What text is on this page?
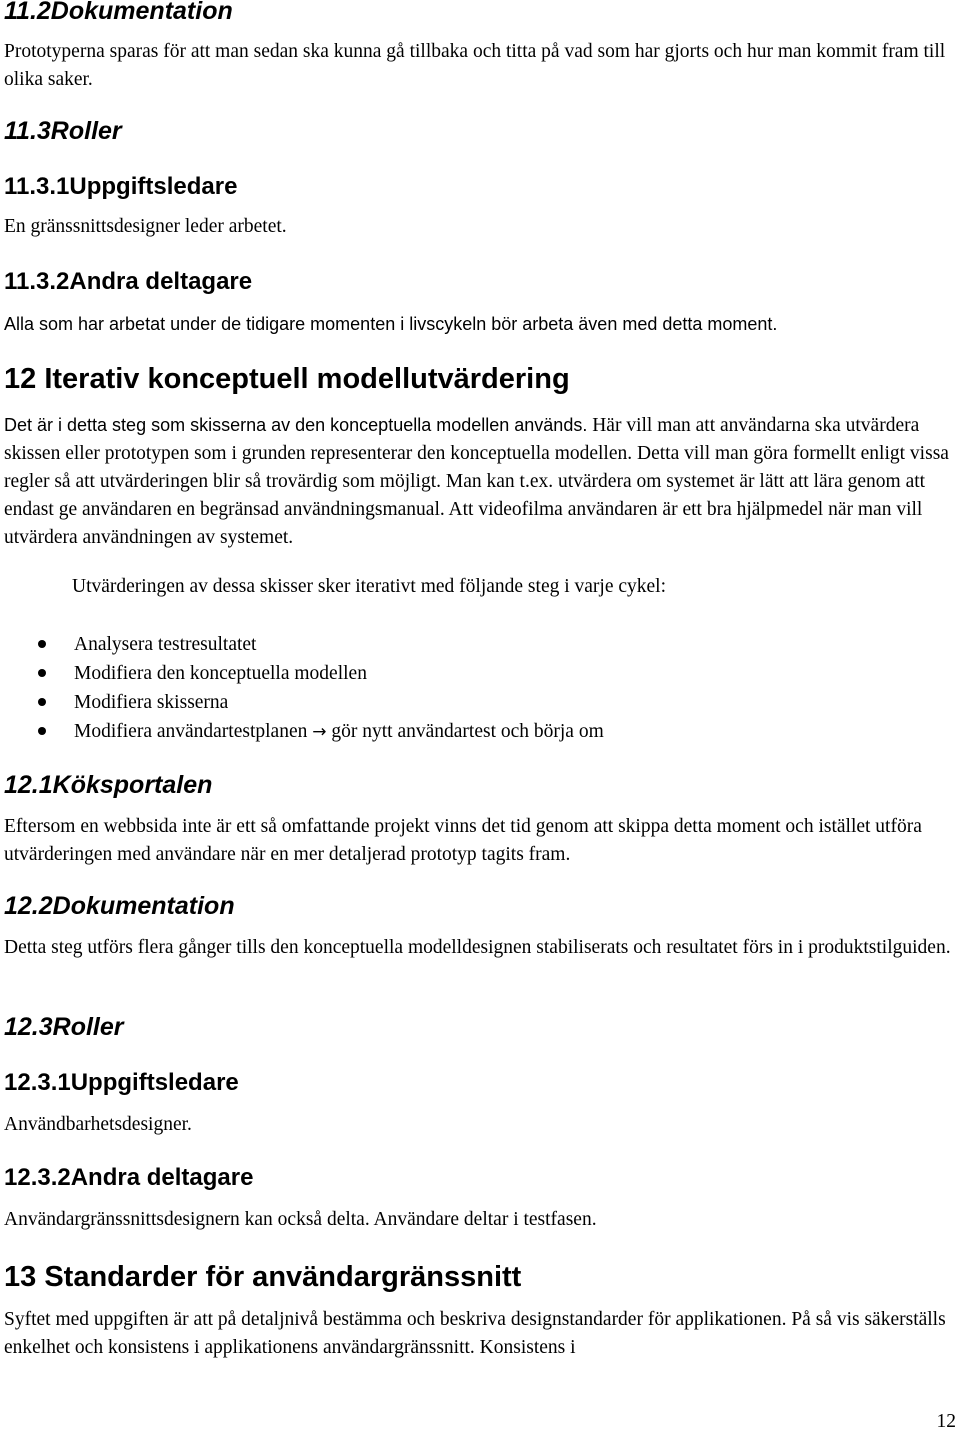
11.2Dokumentation

Prototyperna sparas för att man sedan ska kunna gå tillbaka och titta på vad som har gjorts och hur man kommit fram till olika saker.

11.3Roller
11.3.1Uppgiftsledare

En gränssnittsdesigner leder arbetet.

11.3.2Andra deltagare

Alla som har arbetat under de tidigare momenten i livscykeln bör arbeta även med detta moment.

12 Iterativ konceptuell modellutvärdering

Det är i detta steg som skisserna av den konceptuella modellen används. Här vill man att användarna ska utvärdera skissen eller prototypen som i grunden representerar den konceptuella modellen. Detta vill man göra formellt enligt vissa regler så att utvärderingen blir så trovärdig som möjligt. Man kan t.ex. utvärdera om systemet är lätt att lära genom att endast ge användaren en begränsad användningsmanual. Att videofilma användaren är ett bra hjälpmedel när man vill utvärdera användningen av systemet.

Utvärderingen av dessa skisser sker iterativt med följande steg i varje cykel:
Analysera testresultatet
Modifiera den konceptuella modellen
Modifiera skisserna
Modifiera användartestplanen → gör nytt användartest och börja om
12.1Köksportalen

Eftersom en webbsida inte är ett så omfattande projekt vinns det tid genom att skippa detta moment och istället utföra utvärderingen med användare när en mer detaljerad prototyp tagits fram.

12.2Dokumentation

Detta steg utförs flera gånger tills den konceptuella modelldesignen stabiliserats och resultatet förs in i produktstilguiden.

12.3Roller
12.3.1Uppgiftsledare

Användbarhetsdesigner.

12.3.2Andra deltagare

Användargränssnittsdesignern kan också delta. Användare deltar i testfasen.

13 Standarder för användargränssnitt

Syftet med uppgiften är att på detaljnivå bestämma och beskriva designstandarder för applikationen. På så vis säkerställs enkelhet och konsistens i applikationens användargränssnitt. Konsistens i

12
